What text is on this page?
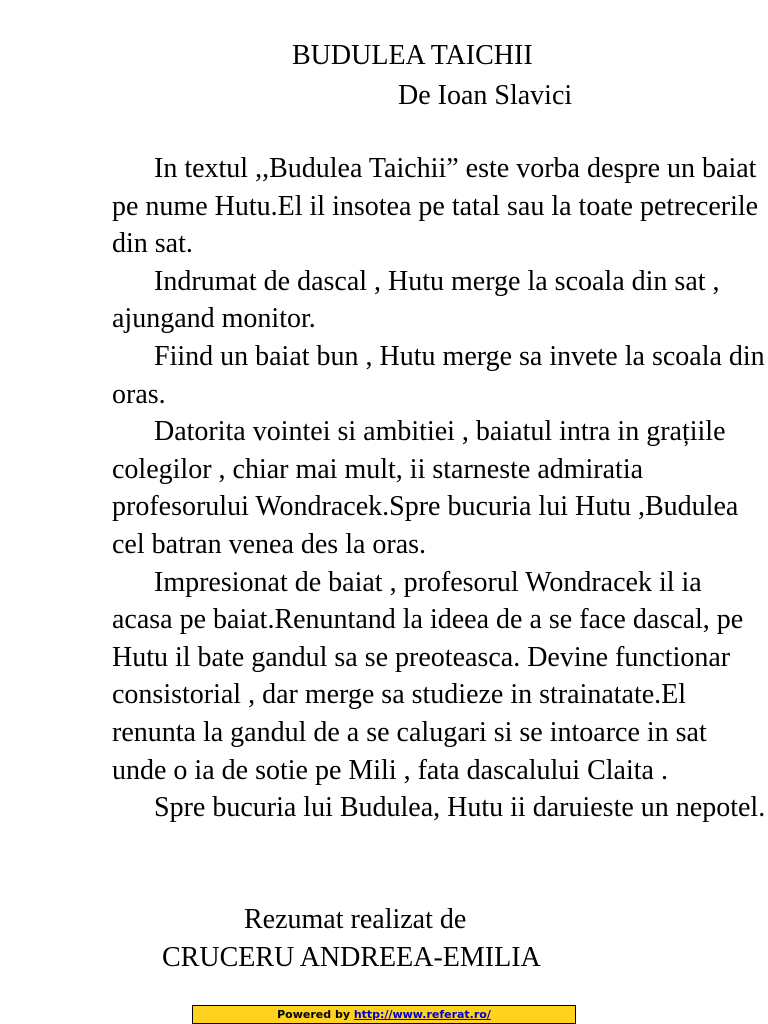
BUDULEA TAICHII
De Ioan Slavici

In textul ,,Budulea Taichii” este vorba despre un baiat pe nume Hutu.El il insotea pe tatal sau la toate petrecerile din sat.

Indrumat de dascal , Hutu merge la scoala din sat , ajungand monitor.

Fiind un baiat bun , Hutu merge sa invete la scoala din oras.

Datorita vointei si ambitiei , baiatul intra in grațiile colegilor , chiar mai mult, ii starneste admiratia profesorului Wondracek.Spre bucuria lui Hutu ,Budulea cel batran venea des la oras.

Impresionat de baiat , profesorul Wondracek il ia acasa pe baiat.Renuntand la ideea de a se face dascal, pe Hutu il bate gandul sa se preoteasca. Devine functionar consistorial , dar merge sa studieze in strainatate.El renunta la gandul de a se calugari si se intoarce in sat unde o ia de sotie pe Mili , fata dascalului Claita .

Spre bucuria lui Budulea, Hutu ii daruieste un nepotel.

Rezumat realizat de
CRUCERU ANDREEA-EMILIA
Powered by http://www.referat.ro/
